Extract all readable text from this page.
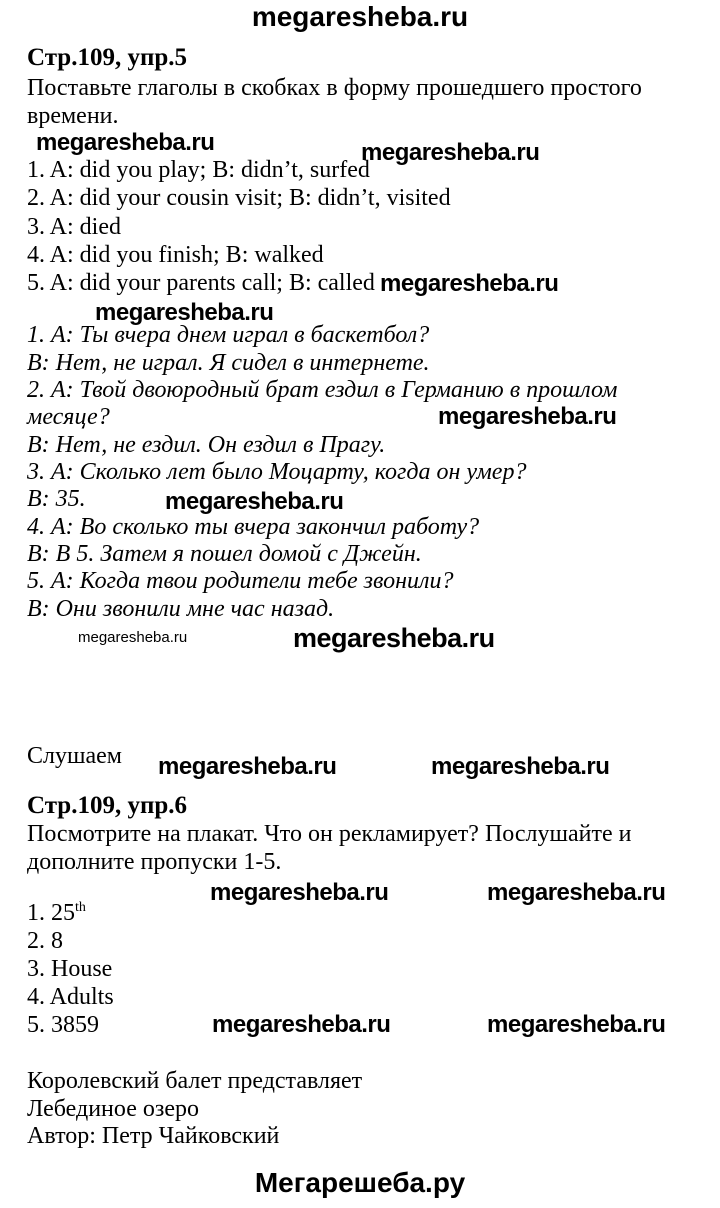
megaresheba.ru
Стр.109, упр.5
Поставьте глаголы в скобках в форму прошедшего простого
времени.
megaresheba.ru	megaresheba.ru
1. A: did you play; B: didn’t, surfed
2. A: did your cousin visit; B: didn’t, visited
3. A: died
4. A: did you finish; B: walked
5. A: did your parents call; B: called megaresheba.ru
megaresheba.ru
1. А: Ты вчера днем играл в баскетбол?
В: Нет, не играл. Я сидел в интернете.
2. А: Твой двоюродный брат ездил в Германию в прошлом
месяце?	megaresheba.ru
В: Нет, не ездил. Он ездил в Прагу.
3. А: Сколько лет было Моцарту, когда он умер?
В: 35.	megaresheba.ru
4. А: Во сколько ты вчера закончил работу?
В: В 5. Затем я пошел домой с Джейн.
5. А: Когда твои родители тебе звонили?
В: Они звонили мне час назад.
megaresheba.ru	megaresheba.ru
Слушаем megaresheba.ru	megaresheba.ru
Стр.109, упр.6
Посмотрите на плакат. Что он рекламирует? Послушайте и
дополните пропуски 1-5.
megaresheba.ru	megaresheba.ru
1. 25th
2. 8
3. House
4. Adults
5. 3859	megaresheba.ru	megaresheba.ru
Королевский балет представляет
Лебединое озеро
Автор: Петр Чайковский
Мегарешеба.ру
